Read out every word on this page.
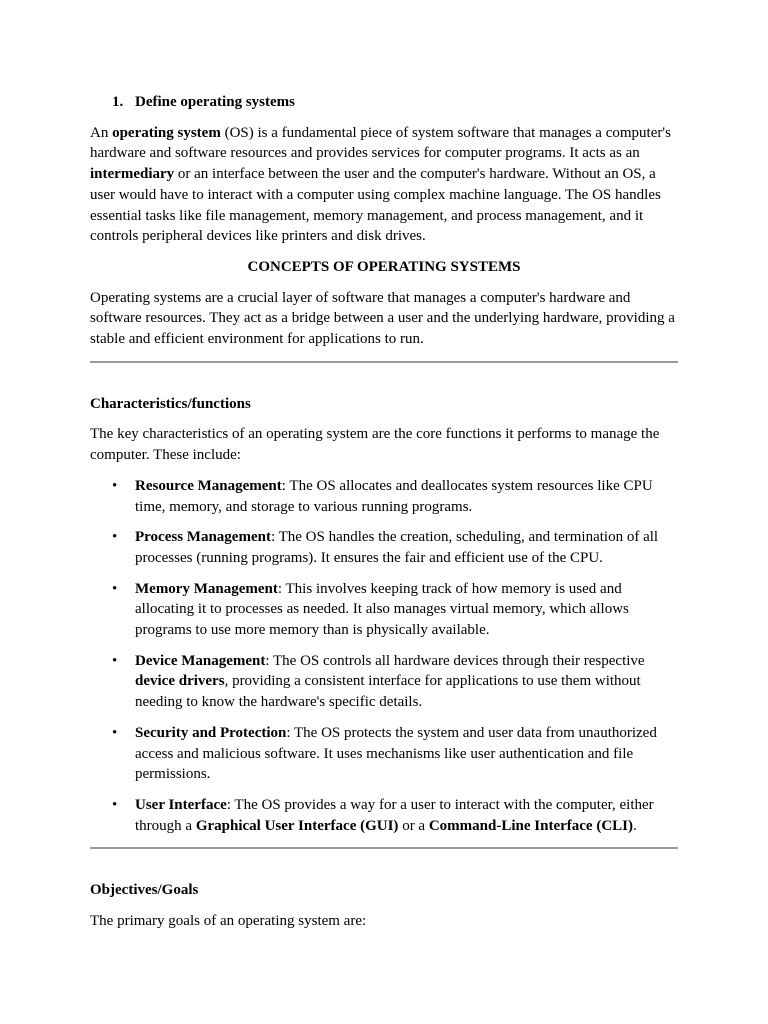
1. Define operating systems

An operating system (OS) is a fundamental piece of system software that manages a computer's hardware and software resources and provides services for computer programs. It acts as an intermediary or an interface between the user and the computer's hardware. Without an OS, a user would have to interact with a computer using complex machine language. The OS handles essential tasks like file management, memory management, and process management, and it controls peripheral devices like printers and disk drives.

CONCEPTS OF OPERATING SYSTEMS

Operating systems are a crucial layer of software that manages a computer's hardware and software resources. They act as a bridge between a user and the underlying hardware, providing a stable and efficient environment for applications to run.

Characteristics/functions

The key characteristics of an operating system are the core functions it performs to manage the computer. These include:

• Resource Management: The OS allocates and deallocates system resources like CPU time, memory, and storage to various running programs.
• Process Management: The OS handles the creation, scheduling, and termination of all processes (running programs). It ensures the fair and efficient use of the CPU.
• Memory Management: This involves keeping track of how memory is used and allocating it to processes as needed. It also manages virtual memory, which allows programs to use more memory than is physically available.
• Device Management: The OS controls all hardware devices through their respective device drivers, providing a consistent interface for applications to use them without needing to know the hardware's specific details.
• Security and Protection: The OS protects the system and user data from unauthorized access and malicious software. It uses mechanisms like user authentication and file permissions.
• User Interface: The OS provides a way for a user to interact with the computer, either through a Graphical User Interface (GUI) or a Command-Line Interface (CLI).

Objectives/Goals

The primary goals of an operating system are:
